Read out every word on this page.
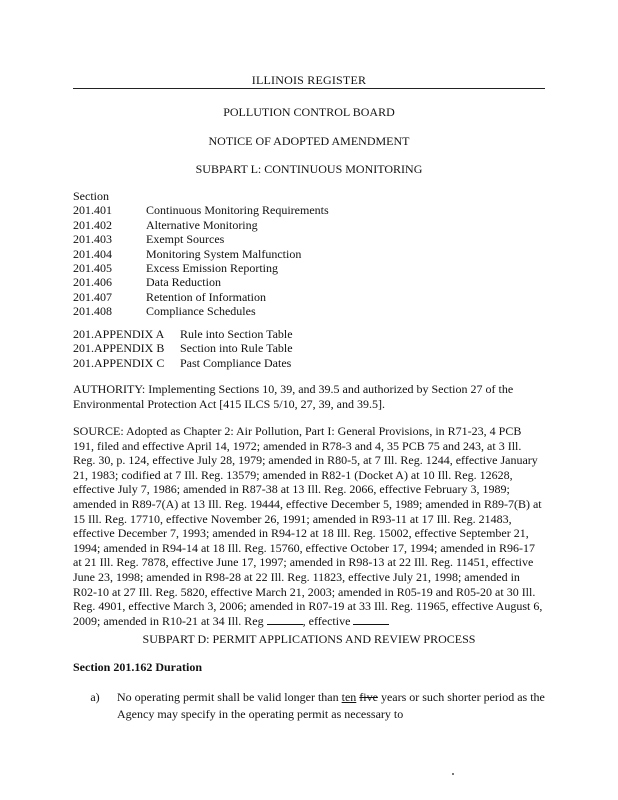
ILLINOIS REGISTER
POLLUTION CONTROL BOARD
NOTICE OF ADOPTED AMENDMENT
SUBPART L: CONTINUOUS MONITORING
Section
201.401	Continuous Monitoring Requirements
201.402	Alternative Monitoring
201.403	Exempt Sources
201.404	Monitoring System Malfunction
201.405	Excess Emission Reporting
201.406	Data Reduction
201.407	Retention of Information
201.408	Compliance Schedules
201.APPENDIX A	Rule into Section Table
201.APPENDIX B	Section into Rule Table
201.APPENDIX C	Past Compliance Dates
AUTHORITY: Implementing Sections 10, 39, and 39.5 and authorized by Section 27 of the Environmental Protection Act [415 ILCS 5/10, 27, 39, and 39.5].
SOURCE: Adopted as Chapter 2: Air Pollution, Part I: General Provisions, in R71-23, 4 PCB 191, filed and effective April 14, 1972; amended in R78-3 and 4, 35 PCB 75 and 243, at 3 Ill. Reg. 30, p. 124, effective July 28, 1979; amended in R80-5, at 7 Ill. Reg. 1244, effective January 21, 1983; codified at 7 Ill. Reg. 13579; amended in R82-1 (Docket A) at 10 Ill. Reg. 12628, effective July 7, 1986; amended in R87-38 at 13 Ill. Reg. 2066, effective February 3, 1989; amended in R89-7(A) at 13 Ill. Reg. 19444, effective December 5, 1989; amended in R89-7(B) at 15 Ill. Reg. 17710, effective November 26, 1991; amended in R93-11 at 17 Ill. Reg. 21483, effective December 7, 1993; amended in R94-12 at 18 Ill. Reg. 15002, effective September 21, 1994; amended in R94-14 at 18 Ill. Reg. 15760, effective October 17, 1994; amended in R96-17 at 21 Ill. Reg. 7878, effective June 17, 1997; amended in R98-13 at 22 Ill. Reg. 11451, effective June 23, 1998; amended in R98-28 at 22 Ill. Reg. 11823, effective July 21, 1998; amended in R02-10 at 27 Ill. Reg. 5820, effective March 21, 2003; amended in R05-19 and R05-20 at 30 Ill. Reg. 4901, effective March 3, 2006; amended in R07-19 at 33 Ill. Reg. 11965, effective August 6, 2009; amended in R10-21 at 34 Ill. Reg	, effective
SUBPART D: PERMIT APPLICATIONS AND REVIEW PROCESS
Section 201.162 Duration
a)	No operating permit shall be valid longer than ten five years or such shorter period as the Agency may specify in the operating permit as necessary to
